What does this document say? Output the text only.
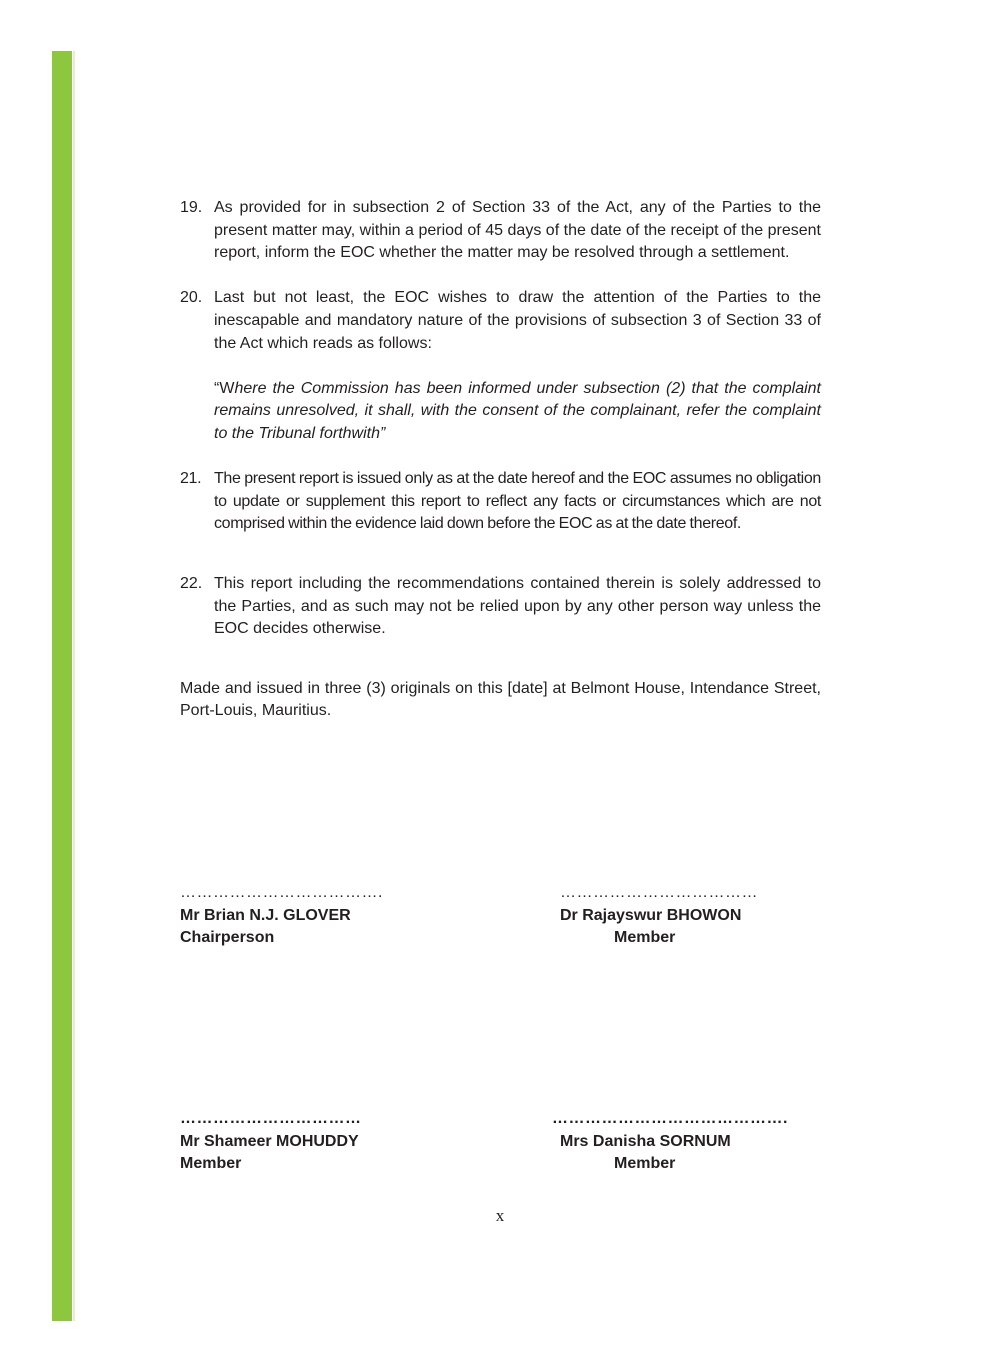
19. As provided for in subsection 2 of Section 33 of the Act, any of the Parties to the present matter may, within a period of 45 days of the date of the receipt of the present report, inform the EOC whether the matter may be resolved through a settlement.

20. Last but not least, the EOC wishes to draw the attention of the Parties to the inescapable and mandatory nature of the provisions of subsection 3 of Section 33 of the Act which reads as follows:

“Where the Commission has been informed under subsection (2) that the complaint remains unresolved, it shall, with the consent of the complainant, refer the complaint to the Tribunal forthwith”

21. The present report is issued only as at the date hereof and the EOC assumes no obligation to update or supplement this report to reflect any facts or circumstances which are not comprised within the evidence laid down before the EOC as at the date thereof.

22. This report including the recommendations contained therein is solely addressed to the Parties, and as such may not be relied upon by any other person way unless the EOC decides otherwise.

Made and issued in three (3) originals on this [date] at Belmont House, Intendance Street, Port-Louis, Mauritius.

……………………………….
Mr Brian N.J. GLOVER
Chairperson
………………………………
Dr Rajayswur BHOWON
Member
……………………………
Mr Shameer MOHUDDY
Member
…………………………………….
Mrs Danisha SORNUM
Member
x
